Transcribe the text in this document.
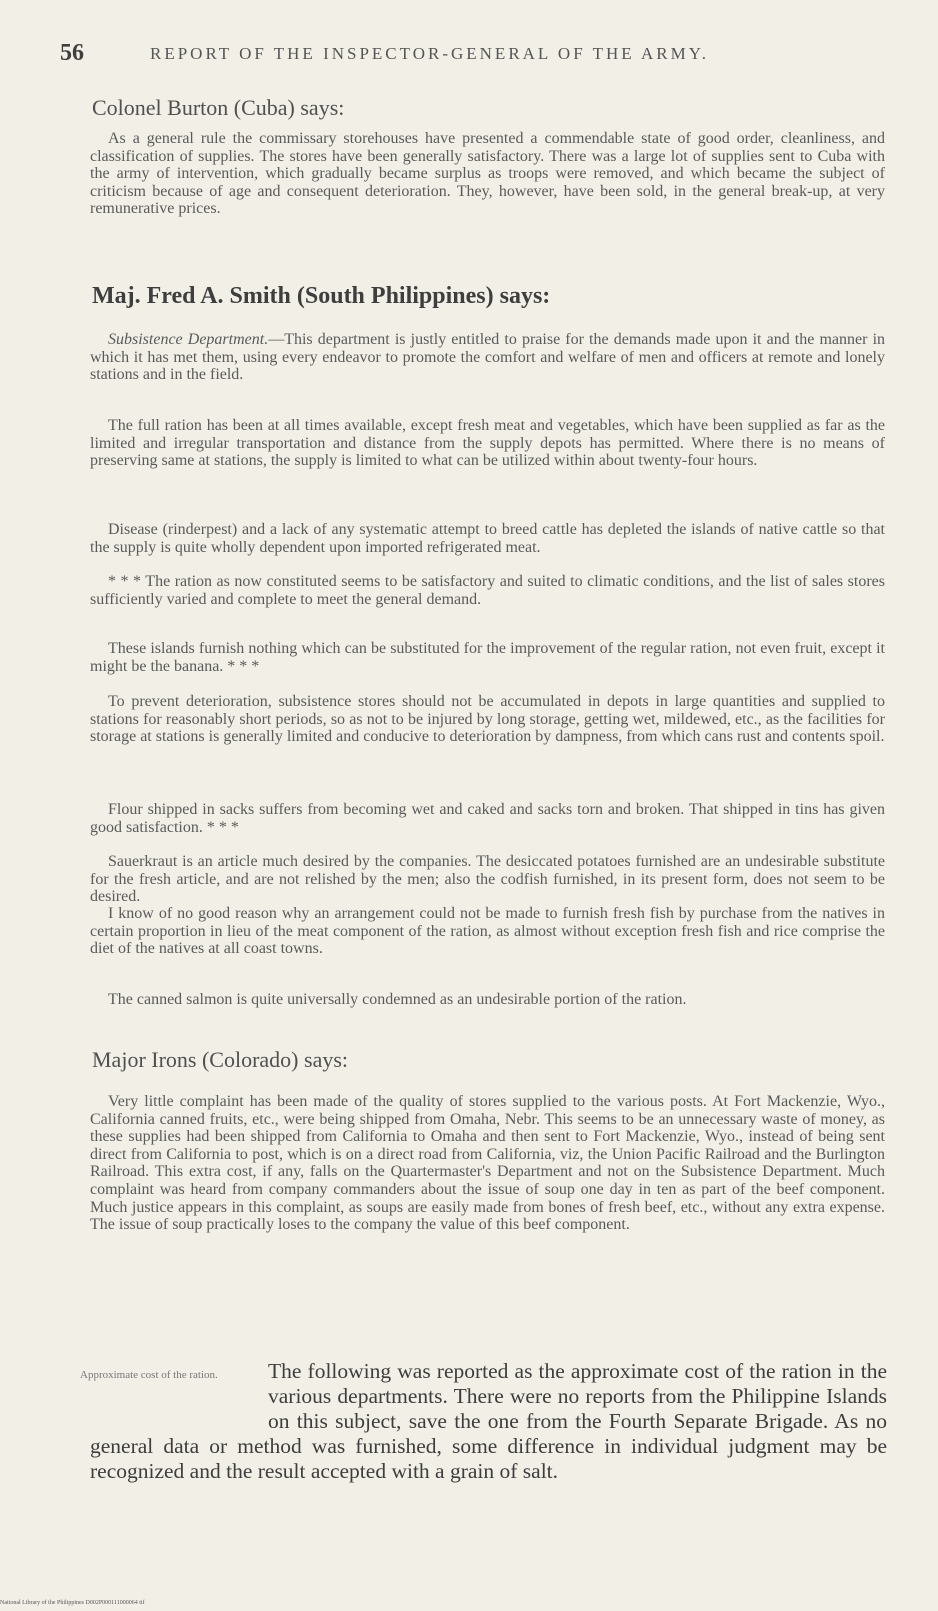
56	REPORT OF THE INSPECTOR-GENERAL OF THE ARMY.
Colonel Burton (Cuba) says:

As a general rule the commissary storehouses have presented a commendable state of good order, cleanliness, and classification of supplies. The stores have been generally satisfactory. There was a large lot of supplies sent to Cuba with the army of intervention, which gradually became surplus as troops were removed, and which became the subject of criticism because of age and consequent deterioration. They, however, have been sold, in the general break-up, at very remunerative prices.

Maj. Fred A. Smith (South Philippines) says:

Subsistence Department.—This department is justly entitled to praise for the demands made upon it and the manner in which it has met them, using every endeavor to promote the comfort and welfare of men and officers at remote and lonely stations and in the field.

The full ration has been at all times available, except fresh meat and vegetables, which have been supplied as far as the limited and irregular transportation and distance from the supply depots has permitted. Where there is no means of preserving same at stations, the supply is limited to what can be utilized within about twenty-four hours.

Disease (rinderpest) and a lack of any systematic attempt to breed cattle has depleted the islands of native cattle so that the supply is quite wholly dependent upon imported refrigerated meat.

* * * The ration as now constituted seems to be satisfactory and suited to climatic conditions, and the list of sales stores sufficiently varied and complete to meet the general demand.

These islands furnish nothing which can be substituted for the improvement of the regular ration, not even fruit, except it might be the banana. * * *

To prevent deterioration, subsistence stores should not be accumulated in depots in large quantities and supplied to stations for reasonably short periods, so as not to be injured by long storage, getting wet, mildewed, etc., as the facilities for storage at stations is generally limited and conducive to deterioration by dampness, from which cans rust and contents spoil.

Flour shipped in sacks suffers from becoming wet and caked and sacks torn and broken. That shipped in tins has given good satisfaction. * * *

Sauerkraut is an article much desired by the companies. The desiccated potatoes furnished are an undesirable substitute for the fresh article, and are not relished by the men; also the codfish furnished, in its present form, does not seem to be desired.

I know of no good reason why an arrangement could not be made to furnish fresh fish by purchase from the natives in certain proportion in lieu of the meat component of the ration, as almost without exception fresh fish and rice comprise the diet of the natives at all coast towns.

The canned salmon is quite universally condemned as an undesirable portion of the ration.

Major Irons (Colorado) says:

Very little complaint has been made of the quality of stores supplied to the various posts. At Fort Mackenzie, Wyo., California canned fruits, etc., were being shipped from Omaha, Nebr. This seems to be an unnecessary waste of money, as these supplies had been shipped from California to Omaha and then sent to Fort Mackenzie, Wyo., instead of being sent direct from California to post, which is on a direct road from California, viz, the Union Pacific Railroad and the Burlington Railroad. This extra cost, if any, falls on the Quartermaster's Department and not on the Subsistence Department. Much complaint was heard from company commanders about the issue of soup one day in ten as part of the beef component. Much justice appears in this complaint, as soups are easily made from bones of fresh beef, etc., without any extra expense. The issue of soup practically loses to the company the value of this beef component.

Approximate cost of the ration.	The following was reported as the approximate cost of the ration in the various departments. There were no reports from the Philippine Islands on this subject, save the one from the Fourth Separate Brigade. As no general data or method was furnished, some difference in individual judgment may be recognized and the result accepted with a grain of salt.

National Library of the Philippines D002P000111000064 tif
